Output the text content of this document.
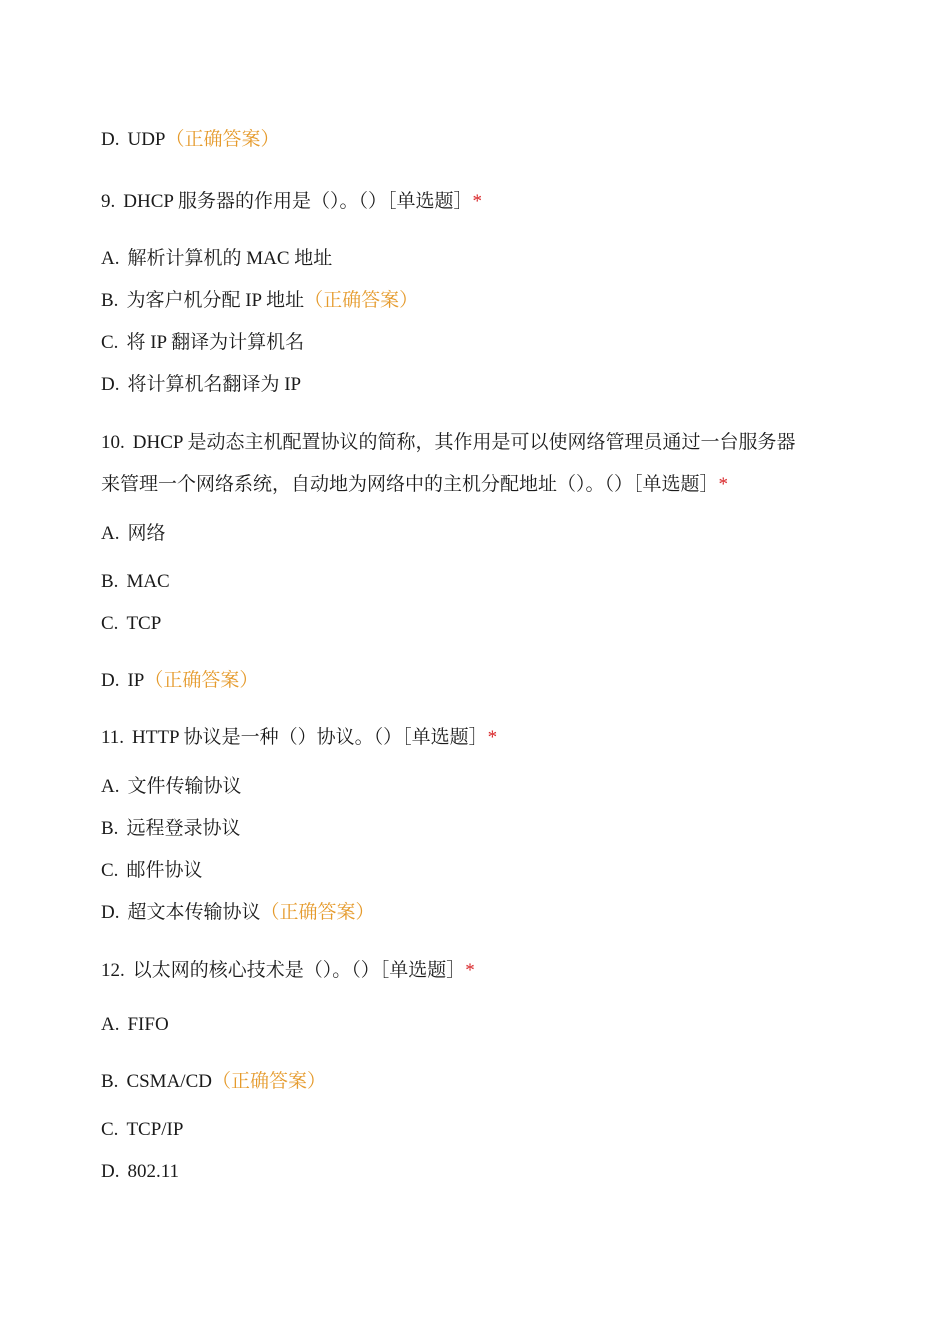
D. UDP（正确答案）
9. DHCP 服务器的作用是（）。（）［单选题］*
A. 解析计算机的 MAC 地址
B. 为客户机分配 IP 地址（正确答案）
C. 将 IP 翻译为计算机名
D. 将计算机名翻译为 IP
10. DHCP 是动态主机配置协议的简称，其作用是可以使网络管理员通过一台服务器
来管理一个网络系统，自动地为网络中的主机分配地址（）。（）［单选题］*
A. 网络
B. MAC
C. TCP
D. IP（正确答案）
11. HTTP 协议是一种（）协议。（）［单选题］*
A. 文件传输协议
B. 远程登录协议
C. 邮件协议
D. 超文本传输协议（正确答案）
12. 以太网的核心技术是（）。（）［单选题］*
A. FIFO
B. CSMA/CD（正确答案）
C. TCP/IP
D. 802.11
